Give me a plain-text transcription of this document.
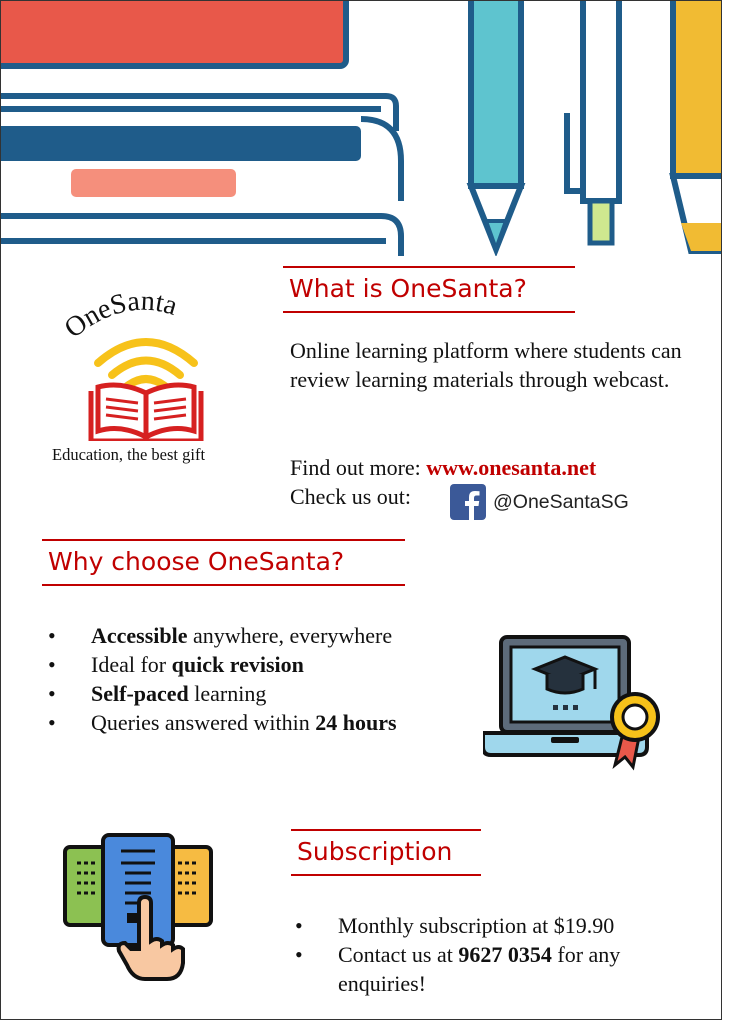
OneSanta
Education, the best gift
What is OneSanta?
Online learning platform where students can review learning materials through webcast.
Find out more: www.onesanta.net
Check us out:	@OneSantaSG
Why choose OneSanta?
• Accessible anywhere, everywhere
• Ideal for quick revision
• Self-paced learning
• Queries answered within 24 hours
Subscription
• Monthly subscription at $19.90
• Contact us at 9627 0354 for any enquiries!
